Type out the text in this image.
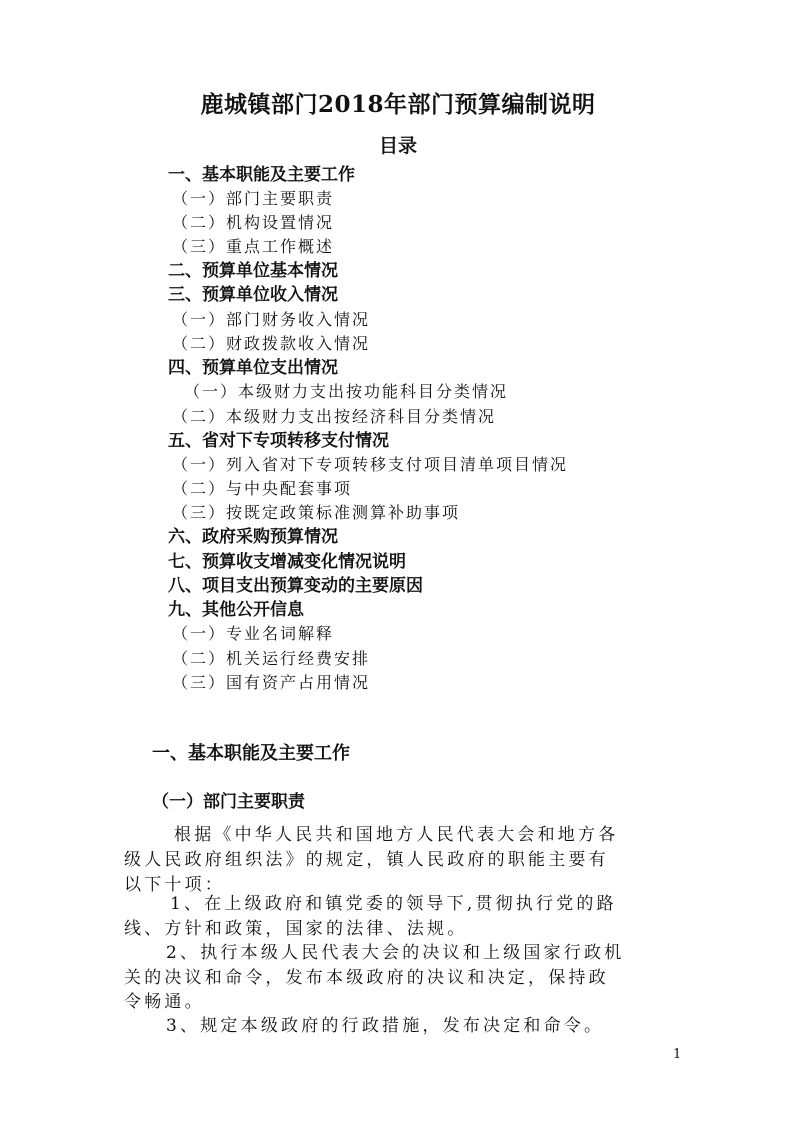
鹿城镇部门2018年部门预算编制说明
目录
一、基本职能及主要工作
（一）部门主要职责
（二）机构设置情况
（三）重点工作概述
二、预算单位基本情况
三、预算单位收入情况
（一）部门财务收入情况
（二）财政拨款收入情况
四、预算单位支出情况
（一）本级财力支出按功能科目分类情况
（二）本级财力支出按经济科目分类情况
五、省对下专项转移支付情况
（一）列入省对下专项转移支付项目清单项目情况
（二）与中央配套事项
（三）按既定政策标准测算补助事项
六、政府采购预算情况
七、预算收支增减变化情况说明
八、项目支出预算变动的主要原因
九、其他公开信息
（一）专业名词解释
（二）机关运行经费安排
（三）国有资产占用情况
一、基本职能及主要工作
（一）部门主要职责
根据《中华人民共和国地方人民代表大会和地方各
级人民政府组织法》的规定，镇人民政府的职能主要有
以下十项：
1、在上级政府和镇党委的领导下,贯彻执行党的路
线、方针和政策，国家的法律、法规。
2、执行本级人民代表大会的决议和上级国家行政机
关的决议和命令，发布本级政府的决议和决定，保持政
令畅通。
3、规定本级政府的行政措施，发布决定和命令。
1
